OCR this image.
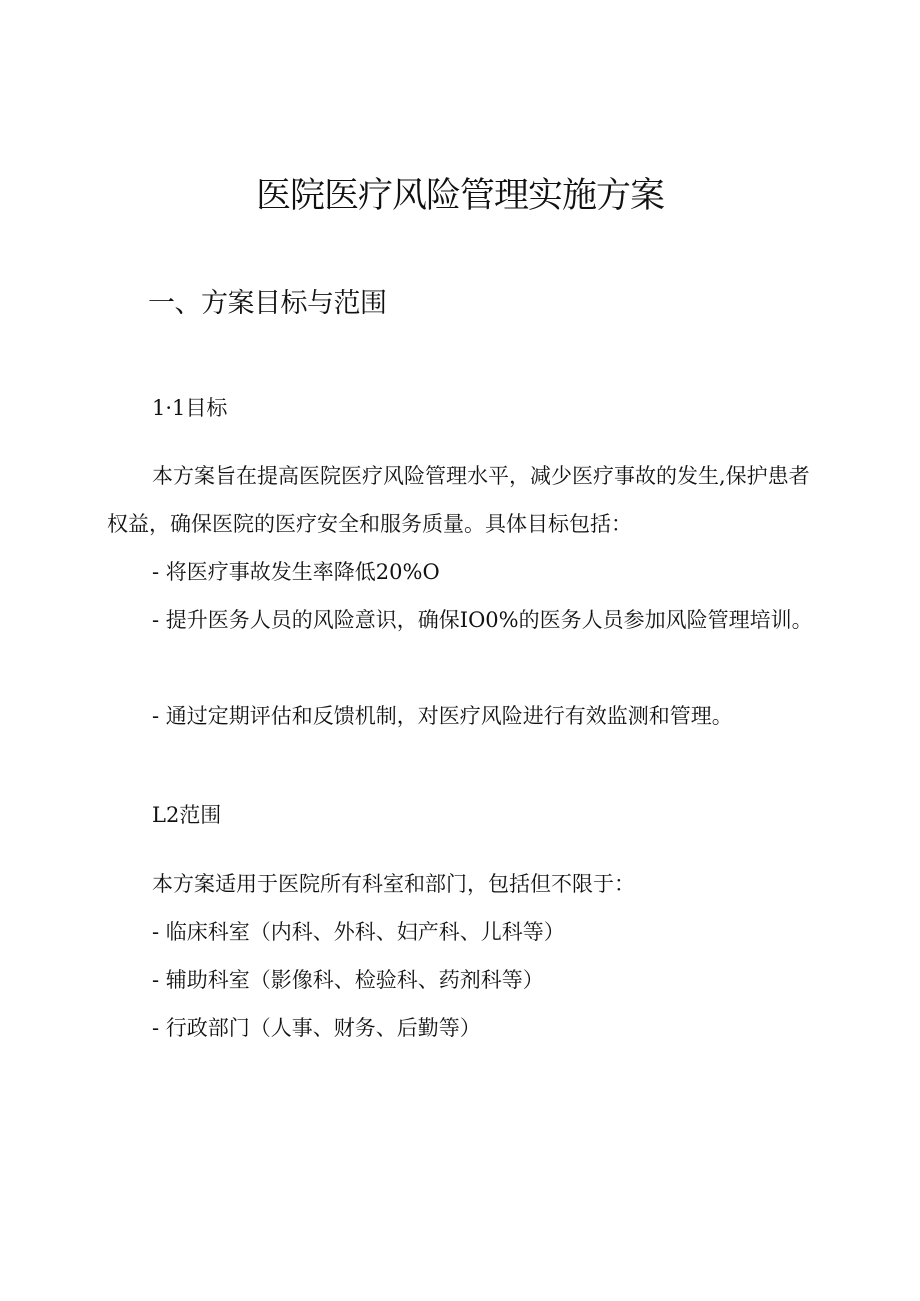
医院医疗风险管理实施方案
一、方案目标与范围
1·1目标

本方案旨在提高医院医疗风险管理水平，减少医疗事故的发生,保护患者权益，确保医院的医疗安全和服务质量。具体目标包括：

- 将医疗事故发生率降低20%O

- 提升医务人员的风险意识，确保IO0%的医务人员参加风险管理培训。

- 通过定期评估和反馈机制，对医疗风险进行有效监测和管理。

L2范围

本方案适用于医院所有科室和部门，包括但不限于：

- 临床科室（内科、外科、妇产科、儿科等）

- 辅助科室（影像科、检验科、药剂科等）

- 行政部门（人事、财务、后勤等）
